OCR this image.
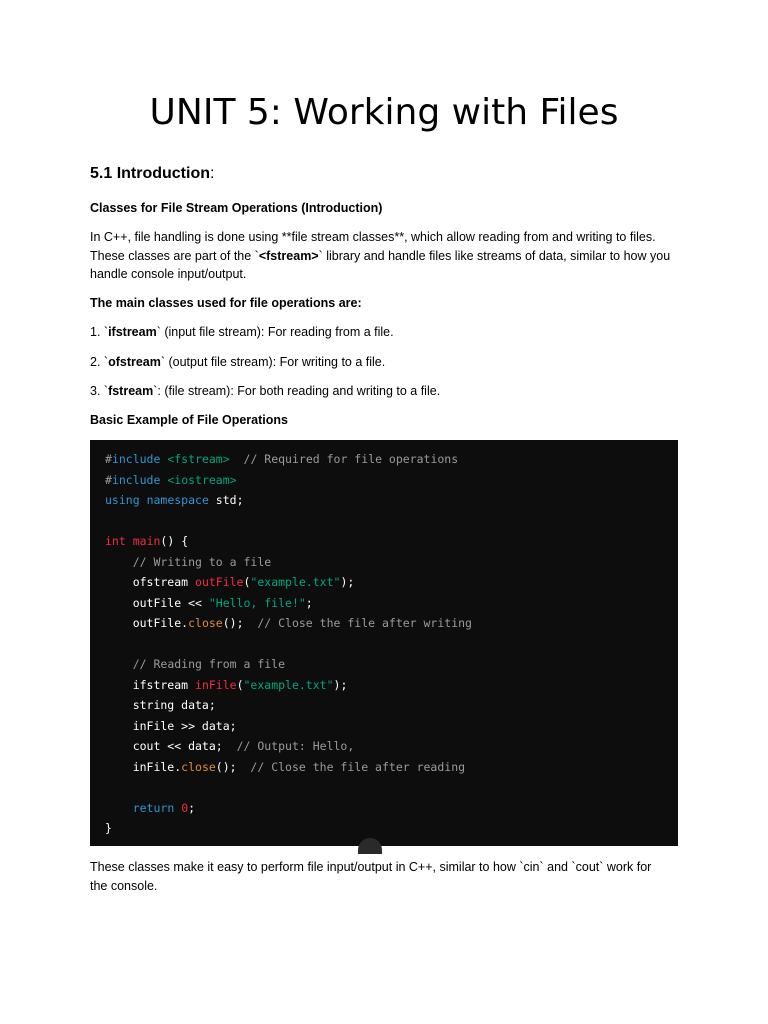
UNIT 5: Working with Files
5.1 Introduction:

Classes for File Stream Operations (Introduction)

In C++, file handling is done using **file stream classes**, which allow reading from and writing to files.
These classes are part of the `<fstream>` library and handle files like streams of data, similar to how you
handle console input/output.

The main classes used for file operations are:

1. `ifstream` (input file stream): For reading from a file.

2. `ofstream` (output file stream): For writing to a file.

3. `fstream`: (file stream): For both reading and writing to a file.

Basic Example of File Operations

#include <fstream> // Required for file operations
#include <iostream>
using namespace std;

int main() {
// Writing to a file
ofstream outFile("example.txt");
outFile << "Hello, file!";
outFile.close();  // Close the file after writing

// Reading from a file
ifstream inFile("example.txt");
string data;
inFile >> data;
cout << data;  // Output: Hello,
inFile.close();  // Close the file after reading

return 0;
}

These classes make it easy to perform file input/output in C++, similar to how `cin` and `cout` work for
the console.
